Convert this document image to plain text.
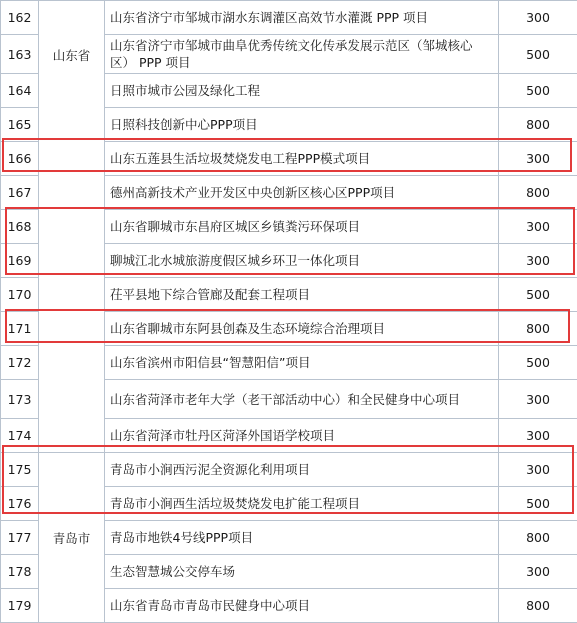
162	山东省	山东省济宁市邹城市湖水东调灌区高效节水灌溉 PPP 项目	300
163		山东省济宁市邹城市曲阜优秀传统文化传承发展示范区（邹城核心区） PPP 项目	500
164		日照市城市公园及绿化工程	500
165		日照科技创新中心PPP项目	800
166		山东五莲县生活垃圾焚烧发电工程PPP模式项目	300
167		德州高新技术产业开发区中央创新区核心区PPP项目	800
168		山东省聊城市东昌府区城区乡镇粪污环保项目	300
169		聊城江北水城旅游度假区城乡环卫一体化项目	300
170		茌平县地下综合管廊及配套工程项目	500
171		山东省聊城市东阿县创森及生态环境综合治理项目	800
172		山东省滨州市阳信县“智慧阳信”项目	500
173		山东省菏泽市老年大学（老干部活动中心）和全民健身中心项目	300
174		山东省菏泽市牡丹区菏泽外国语学校项目	300
175	青岛市	青岛市小涧西污泥全资源化利用项目	300
176		青岛市小涧西生活垃圾焚烧发电扩能工程项目	500
177		青岛市地铁4号线PPP项目	800
178		生态智慧城公交停车场	300
179		山东省青岛市青岛市民健身中心项目	800
